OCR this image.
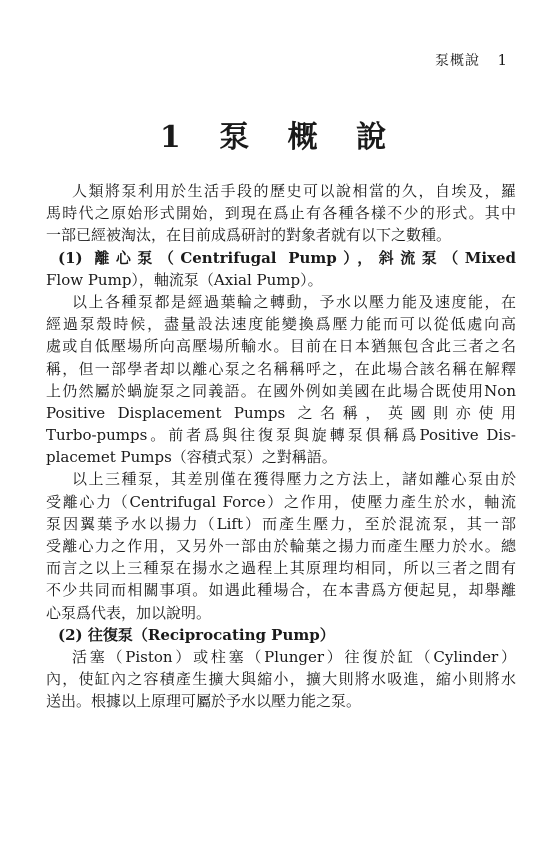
泵概說 1
1 泵 概 說
人類將泵利用於生活手段的歷史可以說相當的久，自埃及，羅
馬時代之原始形式開始，到現在爲止有各種各樣不少的形式。其中
一部已經被淘汰，在目前成爲研討的對象者就有以下之數種。
(1) 離心泵（Centrifugal Pump），斜流泵（Mixed
Flow Pump），軸流泵（Axial Pump）。
以上各種泵都是經過葉輪之轉動，予水以壓力能及速度能，在
經過泵殼時候，盡量設法速度能變換爲壓力能而可以從低處向高
處或自低壓場所向高壓場所輸水。目前在日本猶無包含此三者之名
稱，但一部學者却以離心泵之名稱稱呼之，在此場合該名稱在解釋
上仍然屬於蝸旋泵之同義語。在國外例如美國在此場合既使用Non
Positive Displacement Pumps 之名稱，英國則亦使用
Turbo-pumps。前者爲與往復泵與旋轉泵俱稱爲Positive Dis-
placemet Pumps（容積式泵）之對稱語。
以上三種泵，其差別僅在獲得壓力之方法上，諸如離心泵由於
受離心力（Centrifugal Force）之作用，使壓力產生於水，軸流
泵因翼葉予水以揚力（Lift）而產生壓力，至於混流泵，其一部
受離心力之作用，又另外一部由於輪葉之揚力而產生壓力於水。總
而言之以上三種泵在揚水之過程上其原理均相同，所以三者之間有
不少共同而相關事項。如遇此種場合，在本書爲方便起見，却舉離
心泵爲代表，加以說明。
(2) 往復泵（Reciprocating Pump）
活塞（Piston）或柱塞（Plunger）往復於缸（Cylinder）
內，使缸內之容積產生擴大與縮小，擴大則將水吸進，縮小則將水
送出。根據以上原理可屬於予水以壓力能之泵。
